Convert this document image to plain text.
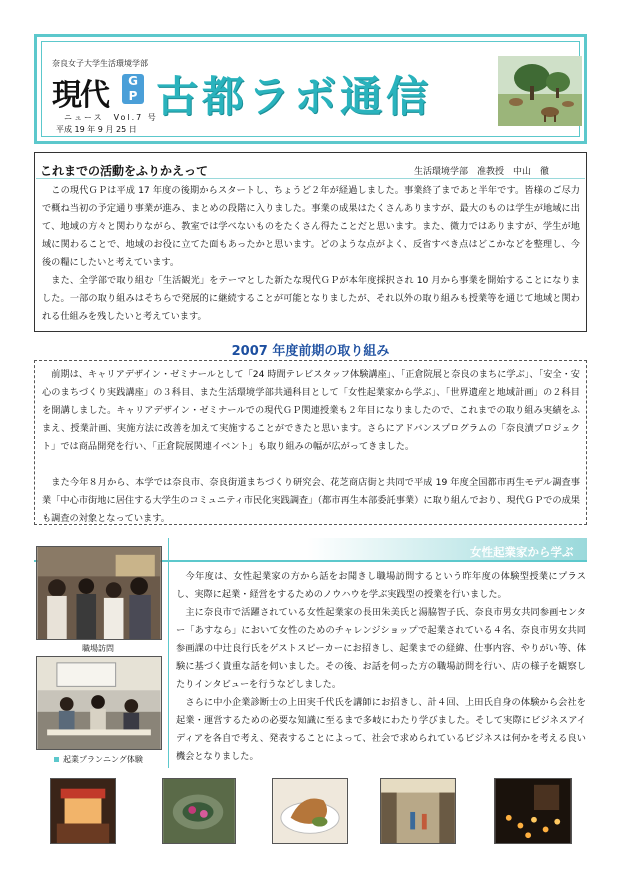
奈良女子大学生活環境学部
現代	G
P
ニュース　Vol.7 号
平成 19 年 9 月 25 日
古都ラボ通信
これまでの活動をふりかえって	生活環境学部　准教授　中山　徹
　この現代ＧＰは平成 17 年度の後期からスタートし、ちょうど２年が経過しました。事業終了まであと半年です。皆様のご尽力で概ね当初の予定通り事業が進み、まとめの段階に入りました。事業の成果はたくさんありますが、最大のものは学生が地域に出て、地域の方々と関わりながら、教室では学べないものをたくさん得たことだと思います。また、微力ではありますが、学生が地域に関わることで、地域のお役に立てた面もあったかと思います。どのような点がよく、反省すべき点はどこかなどを整理し、今後の糧にしたいと考えています。
　また、全学部で取り組む「生活観光」をテーマとした新たな現代ＧＰが本年度採択され 10 月から事業を開始することになりました。一部の取り組みはそちらで発展的に継続することが可能となりましたが、それ以外の取り組みも授業等を通じて地域と関われる仕組みを残したいと考えています。
2007 年度前期の取り組み
　前期は、キャリアデザイン・ゼミナールとして「24 時間テレビスタッフ体験講座」、「正倉院展と奈良のまちに学ぶ」、「安全・安心のまちづくり実践講座」の３科目、また生活環境学部共通科目として「女性起業家から学ぶ」、「世界遺産と地域計画」の２科目を開講しました。キャリアデザイン・ゼミナールでの現代ＧＰ関連授業も２年目になりましたので、これまでの取り組み実績をふまえ、授業計画、実施方法に改善を加えて実施することができたと思います。さらにアドバンスプログラムの「奈良漬プロジェクト」では商品開発を行い、「正倉院展関連イベント」も取り組みの幅が広がってきました。
　また今年８月から、本学では奈良市、奈良街道まちづくり研究会、花芝商店街と共同で平成 19 年度全国都市再生モデル調査事業「中心市街地に居住する大学生のコミュニティ市民化実践調査」（都市再生本部委託事業）に取り組んでおり、現代ＧＰでの成果も調査の対象となっています。
女性起業家から学ぶ
職場訪問
起業プランニング体験
　今年度は、女性起業家の方から話をお聞きし職場訪問するという昨年度の体験型授業にプラスし、実際に起業・経営をするためのノウハウを学ぶ実践型の授業を行いました。
　主に奈良市で活躍されている女性起業家の長田朱美氏と湯脇智子氏、奈良市男女共同参画センター「あすなら」において女性のためのチャレンジショップで起業されている４名、奈良市男女共同参画課の中辻良行氏をゲストスピーカーにお招きし、起業までの経緯、仕事内容、やりがい等、体験に基づく貴重な話を伺いました。その後、お話を伺った方の職場訪問を行い、店の様子を観察したりインタビューを行うなどしました。
　さらに中小企業診断士の上田実千代氏を講師にお招きし、計４回、上田氏自身の体験から会社を起業・運営するための必要な知識に至るまで多岐にわたり学びました。そして実際にビジネスアイディアを各自で考え、発表することによって、社会で求められているビジネスは何かを考える良い機会となりました。
